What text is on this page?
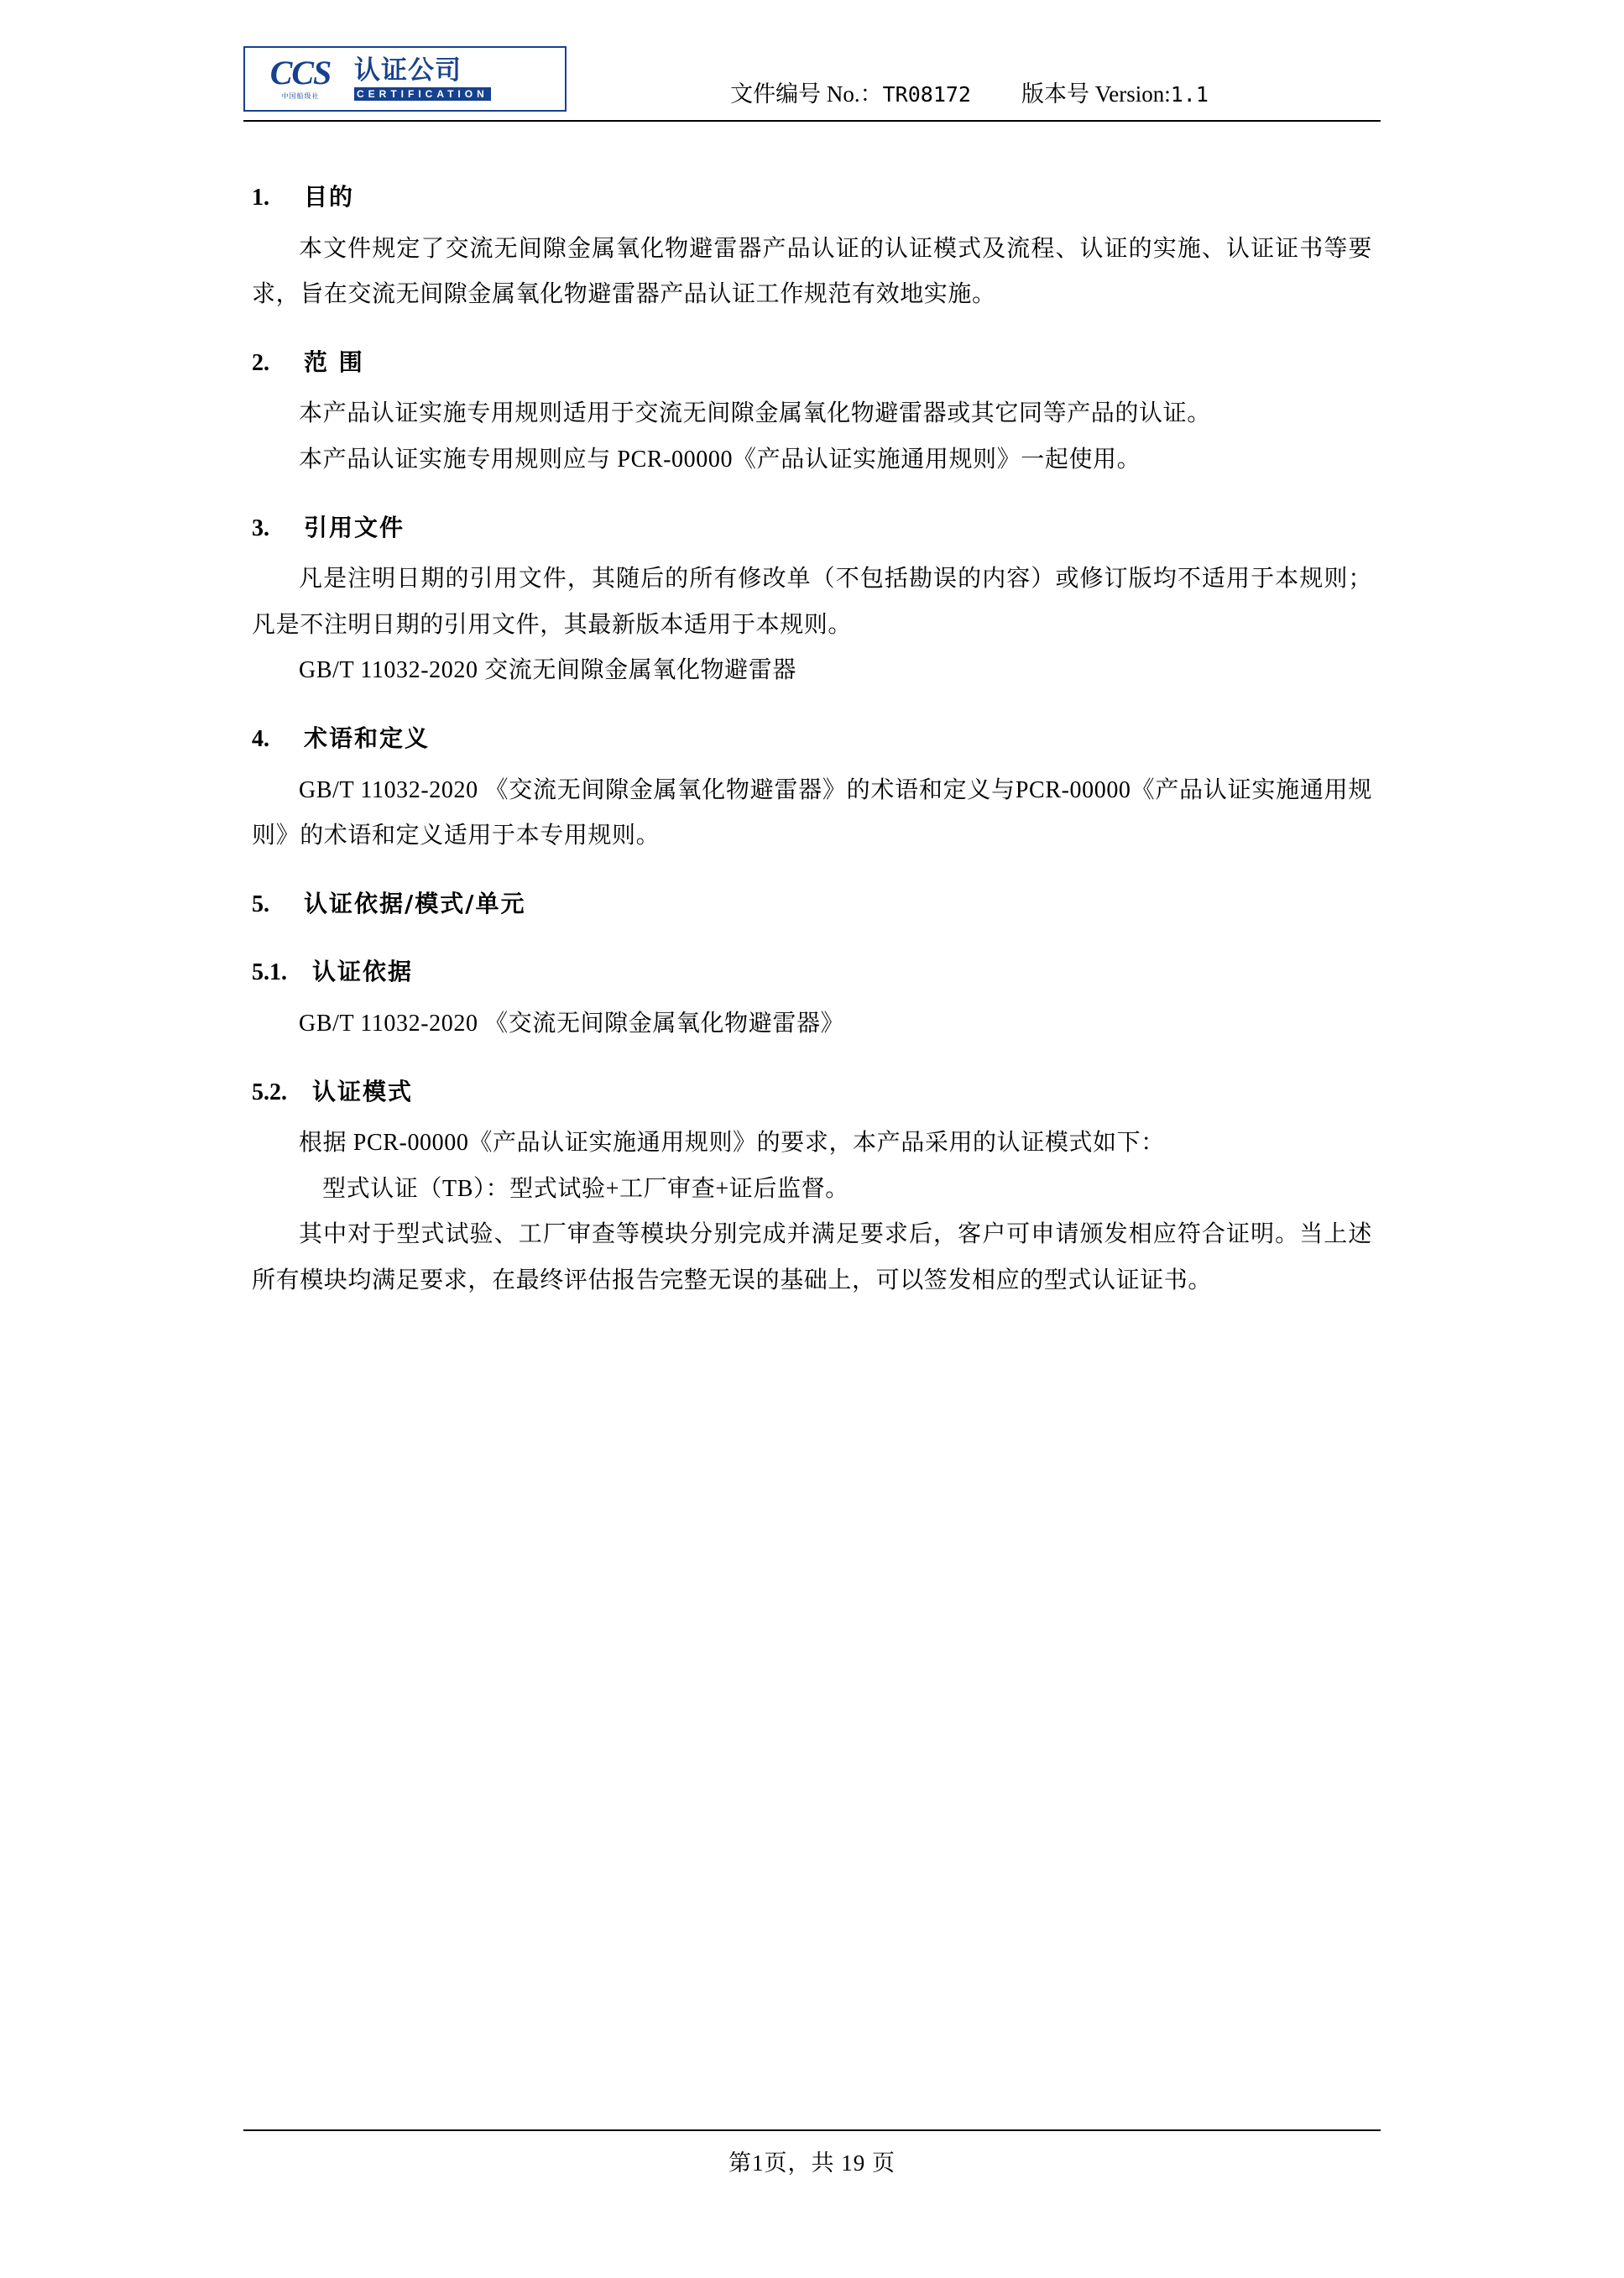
CCS
中国船级社
认证公司
CERTIFICATION	文件编号 No.：TR08172 版本号 Version:1.1
1.	目的

本文件规定了交流无间隙金属氧化物避雷器产品认证的认证模式及流程、认证的实施、认证证书等要求，旨在交流无间隙金属氧化物避雷器产品认证工作规范有效地实施。

2.	范 围

本产品认证实施专用规则适用于交流无间隙金属氧化物避雷器或其它同等产品的认证。

本产品认证实施专用规则应与 PCR-00000《产品认证实施通用规则》一起使用。

3.	引用文件

凡是注明日期的引用文件，其随后的所有修改单（不包括勘误的内容）或修订版均不适用于本规则；凡是不注明日期的引用文件，其最新版本适用于本规则。

GB/T 11032-2020 交流无间隙金属氧化物避雷器

4.	术语和定义

GB/T 11032-2020 《交流无间隙金属氧化物避雷器》的术语和定义与PCR-00000《产品认证实施通用规则》的术语和定义适用于本专用规则。

5.	认证依据/模式/单元
5.1.	认证依据

GB/T 11032-2020 《交流无间隙金属氧化物避雷器》

5.2.	认证模式

根据 PCR-00000《产品认证实施通用规则》的要求，本产品采用的认证模式如下：

型式认证（TB）：型式试验+工厂审查+证后监督。

其中对于型式试验、工厂审查等模块分别完成并满足要求后，客户可申请颁发相应符合证明。当上述所有模块均满足要求，在最终评估报告完整无误的基础上，可以签发相应的型式认证证书。

第1页，共 19 页
